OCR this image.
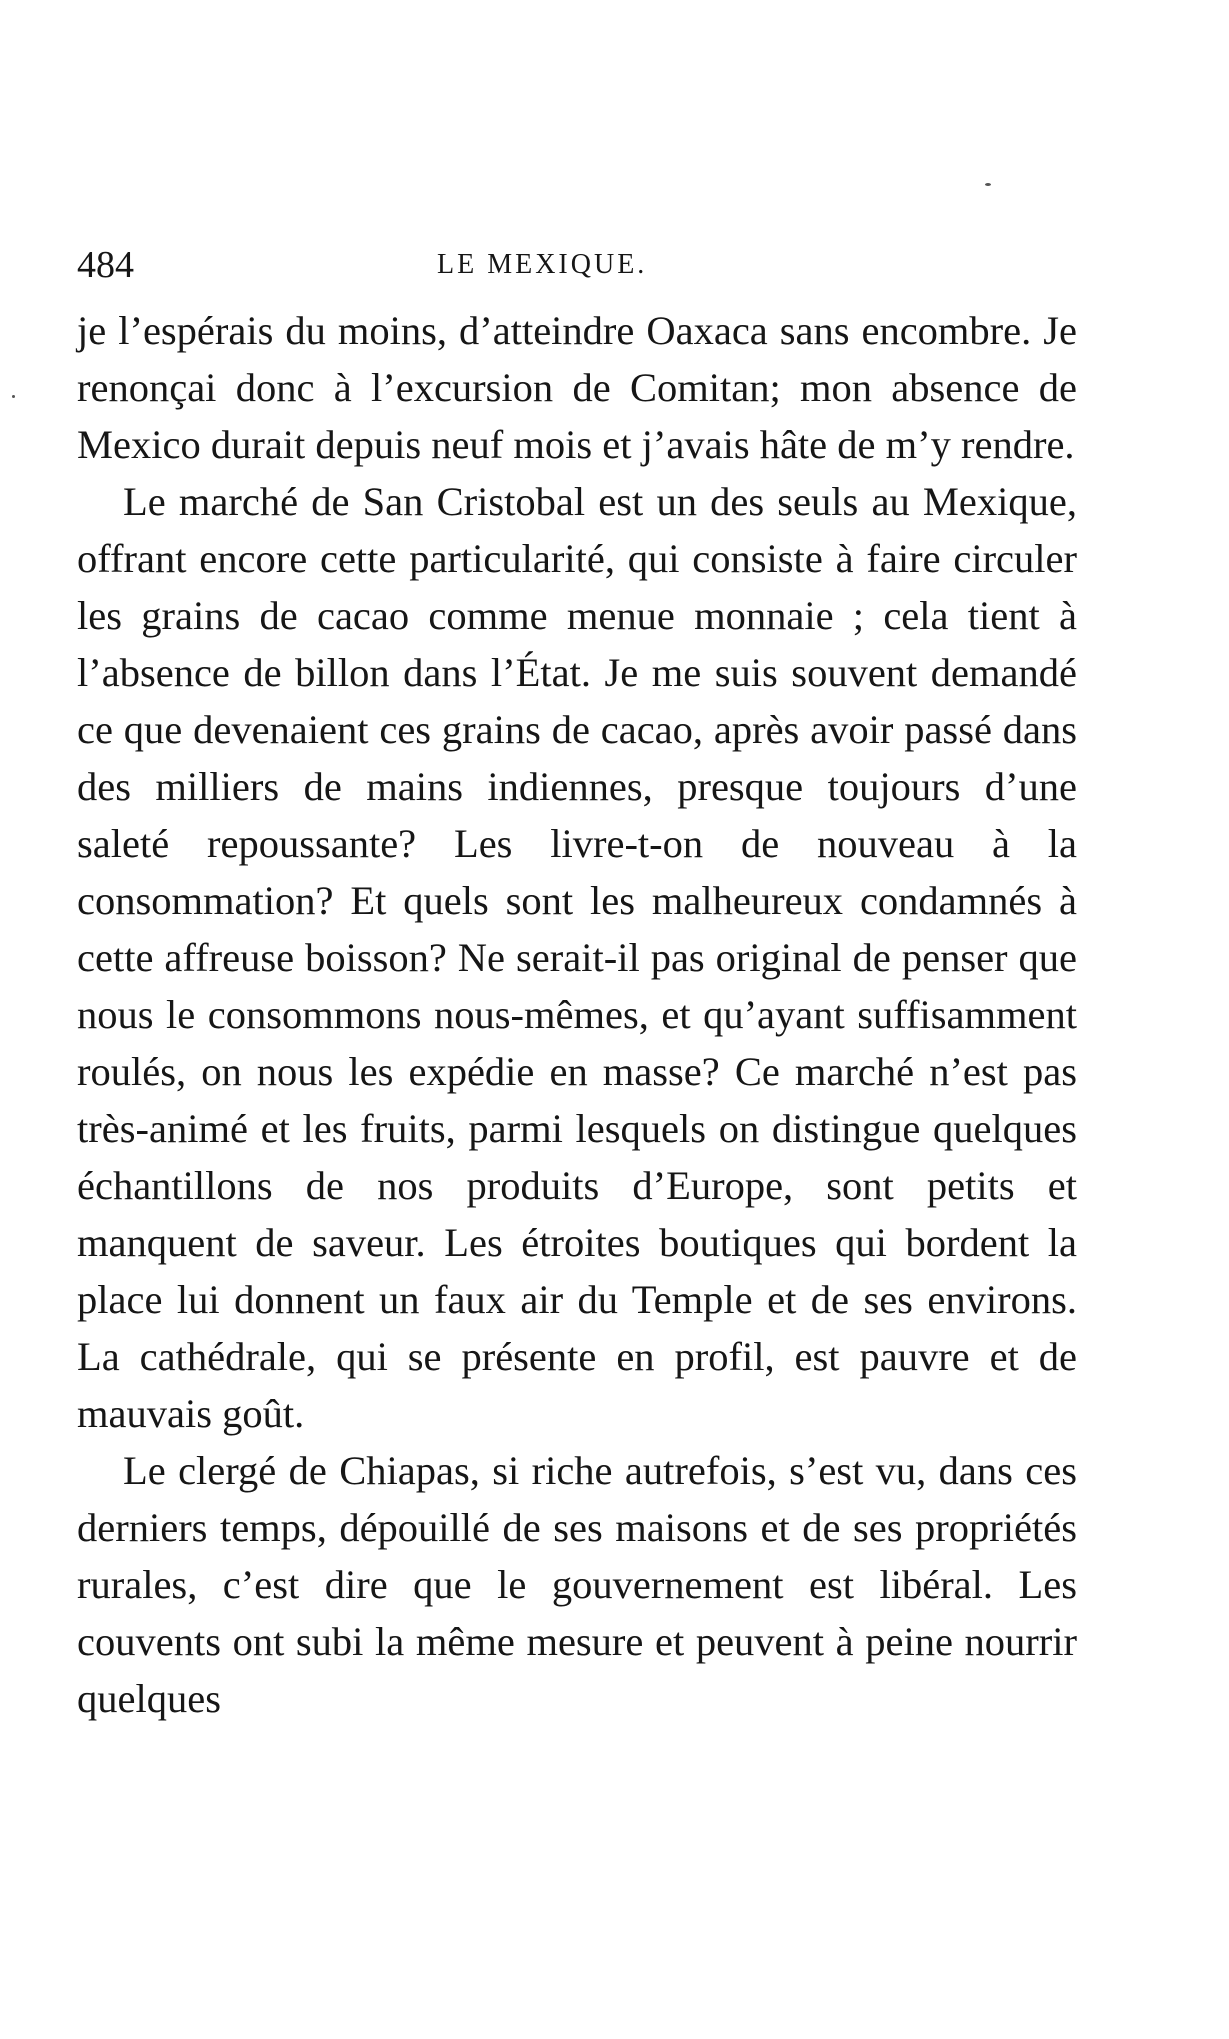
484	LE MEXIQUE.

je l’espérais du moins, d’atteindre Oaxaca sans encombre. Je renonçai donc à l’excursion de Comitan; mon absence de Mexico durait depuis neuf mois et j’avais hâte de m’y rendre.

Le marché de San Cristobal est un des seuls au Mexique, offrant encore cette particularité, qui consiste à faire circuler les grains de cacao comme menue monnaie ; cela tient à l’absence de billon dans l’État. Je me suis souvent demandé ce que devenaient ces grains de cacao, après avoir passé dans des milliers de mains indiennes, presque toujours d’une saleté repoussante? Les livre-t-on de nouveau à la consommation? Et quels sont les malheureux condamnés à cette affreuse boisson? Ne serait-il pas original de penser que nous le consommons nous-mêmes, et qu’ayant suffisamment roulés, on nous les expédie en masse? Ce marché n’est pas très-animé et les fruits, parmi lesquels on distingue quelques échantillons de nos produits d’Europe, sont petits et manquent de saveur. Les étroites boutiques qui bordent la place lui donnent un faux air du Temple et de ses environs. La cathédrale, qui se présente en profil, est pauvre et de mauvais goût.

Le clergé de Chiapas, si riche autrefois, s’est vu, dans ces derniers temps, dépouillé de ses maisons et de ses propriétés rurales, c’est dire que le gouvernement est libéral. Les couvents ont subi la même mesure et peuvent à peine nourrir quelques
